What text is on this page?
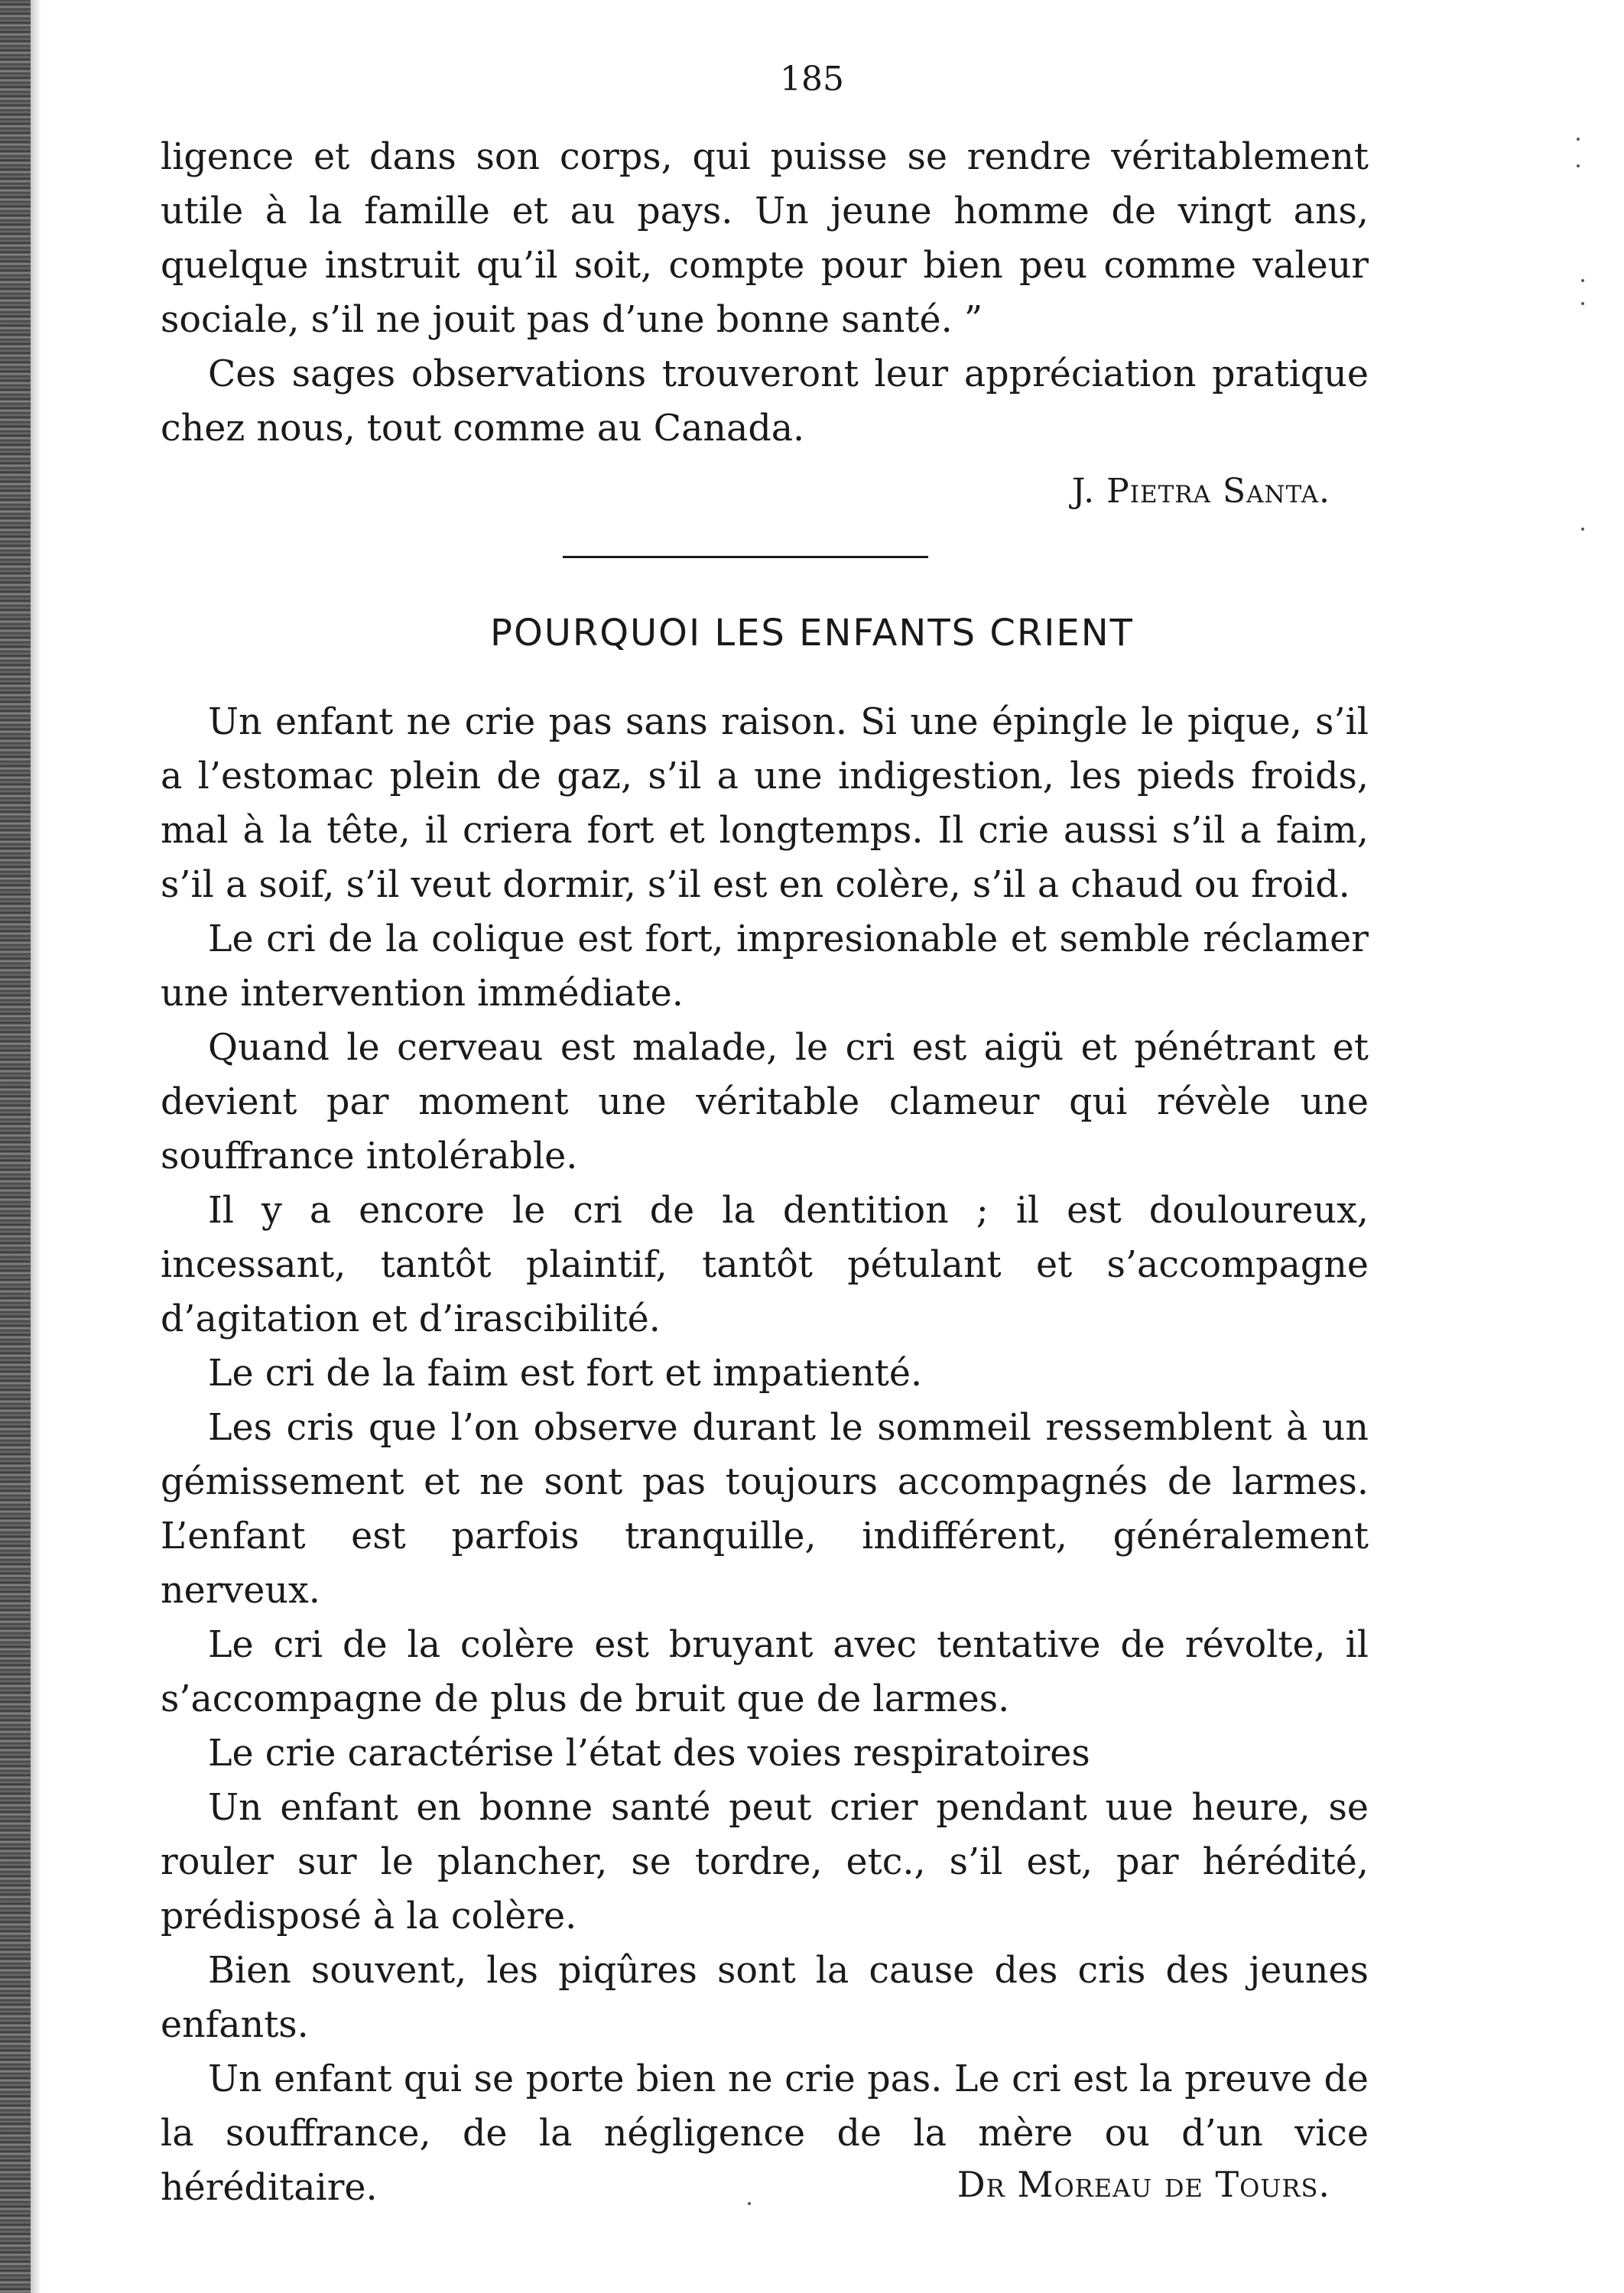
185

ligence et dans son corps, qui puisse se rendre véritablement utile à la famille et au pays. Un jeune homme de vingt ans, quelque instruit qu’il soit, compte pour bien peu comme valeur sociale, s’il ne jouit pas d’une bonne santé. ”

Ces sages observations trouveront leur appréciation pratique chez nous, tout comme au Canada.

J. Pietra Santa.
POURQUOI LES ENFANTS CRIENT

Un enfant ne crie pas sans raison. Si une épingle le pique, s’il a l’estomac plein de gaz, s’il a une indigestion, les pieds froids, mal à la tête, il criera fort et longtemps. Il crie aussi s’il a faim, s’il a soif, s’il veut dormir, s’il est en colère, s’il a chaud ou froid.

Le cri de la colique est fort, impresionable et semble réclamer une intervention immédiate.

Quand le cerveau est malade, le cri est aigü et pénétrant et devient par moment une véritable clameur qui révèle une souffrance intolérable.

Il y a encore le cri de la dentition ; il est douloureux, incessant, tantôt plaintif, tantôt pétulant et s’accompagne d’agitation et d’irascibilité.

Le cri de la faim est fort et impatienté.

Les cris que l’on observe durant le sommeil ressemblent à un gémissement et ne sont pas toujours accompagnés de larmes. L’enfant est parfois tranquille, indifférent, généralement nerveux.

Le cri de la colère est bruyant avec tentative de révolte, il s’accompagne de plus de bruit que de larmes.

Le crie caractérise l’état des voies respiratoires

Un enfant en bonne santé peut crier pendant uue heure, se rouler sur le plancher, se tordre, etc., s’il est, par hérédité, prédisposé à la colère.

Bien souvent, les piqûres sont la cause des cris des jeunes enfants.

Un enfant qui se porte bien ne crie pas. Le cri est la preuve de la souffrance, de la négligence de la mère ou d’un vice héréditaire.	Dr Moreau de Tours.
